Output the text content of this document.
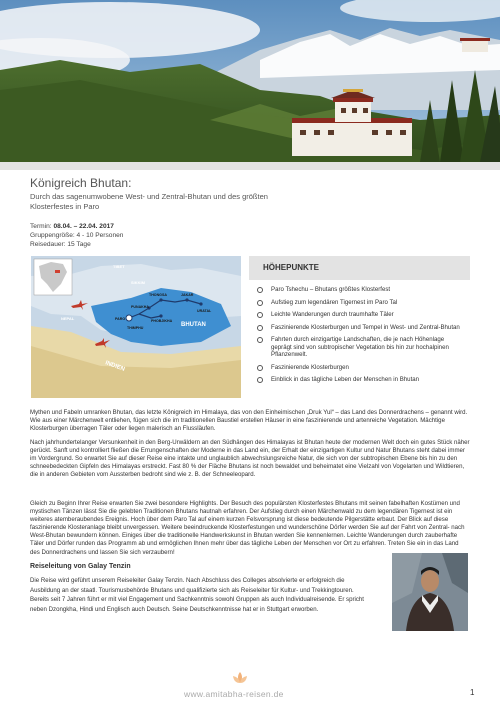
Königreich Bhutan:
Durch das sagenumwobene West- und Zentral-Bhutan und des größten Klosterfestes in Paro
Termin: 08.04. – 22.04. 2017
Gruppengröße: 4 - 10 Personen
Reisedauer: 15 Tage
TIBET
NEPAL
BHUTAN
INDIEN
SIKKIM
THONGSA	JAKAR
URATAL
PUNAKHA
PHOBJIKHA
PARO
THIMPHU
HÖHEPUNKTE
Paro Tshechu – Bhutans größtes Klosterfest
Aufstieg zum legendären Tigernest im Paro Tal
Leichte Wanderungen durch traumhafte Täler
Faszinierende Klosterburgen und Tempel in West- und Zentral-Bhutan
Fahrten durch einzigartige Landschaften, die je nach Höhenlage geprägt sind von subtropischer Vegetation bis hin zur hochalpinen Pflanzenwelt.
Faszinierende Klosterburgen
Einblick in das tägliche Leben der Menschen in Bhutan

Mythen und Fabeln umranken Bhutan, das letzte Königreich im Himalaya, das von den Einheimischen „Druk Yul“ – das Land des Donnerdrachens – genannt wird. Wie aus einer Märchenwelt entliehen, fügen sich die im traditionellen Baustiel erstellen Häuser in eine faszinierende und artenreiche Vegetation. Mächtige Klosterburgen überragen Täler oder liegen malerisch an Flussläufen.

Nach jahrhundertelanger Versunkenheit in den Berg-Urwäldern an den Südhängen des Himalayas ist Bhutan heute der modernen Welt doch ein gutes Stück näher gerückt. Sanft und kontrolliert fließen die Errungenschaften der Moderne in das Land ein, der Erhalt der einzigartigen Kultur und Natur Bhutans steht dabei immer im Vordergrund. So erwartet Sie auf dieser Reise eine intakte und unglaublich abwechslungsreiche Natur, die sich von der subtropischen Ebene bis hin zu den schneebedeckten Gipfeln des Himalayas erstreckt. Fast 80 % der Fläche Bhutans ist noch bewaldet und beheimatet eine Vielzahl von Vogelarten und Wildtieren, die in anderen Gebieten vom Aussterben bedroht sind wie z. B. der Schneeleopard.

Gleich zu Beginn Ihrer Reise erwarten Sie zwei besondere Highlights. Der Besuch des populärsten Klosterfestes Bhutans mit seinen fabelhaften Kostümen und mystischen Tänzen lässt Sie die gelebten Traditionen Bhutans hautnah erfahren. Der Aufstieg durch einen Märchenwald zu dem legendären Tigernest ist ein weiteres atemberaubendes Ereignis. Hoch über dem Paro Tal auf einem kurzen Felsvorsprung ist diese bedeutende Pilgerstätte erbaut. Der Blick auf diese faszinierende Klosteranlage bleibt unvergessen. Weitere beeindruckende Klosterfestungen und wunderschöne Dörfer werden Sie auf der Fahrt von Zentral- nach West-Bhutan bewundern können. Einiges über die traditionelle Handwerkskunst in Bhutan werden Sie kennenlernen. Leichte Wanderungen durch zauberhafte Täler und Dörfer runden das Programm ab und ermöglichen Ihnen mehr über das tägliche Leben der Menschen vor Ort zu erfahren. Treten Sie ein in das Land des Donnerdrachens und lassen Sie sich verzaubern!

Reiseleitung von Galay Tenzin

Die Reise wird geführt unserem Reiseleiter Galay Tenzin. Nach Abschluss des Colleges absolvierte er erfolgreich die Ausbildung an der staatl. Tourismusbehörde Bhutans und qualifizierte sich als Reiseleiter für Kultur- und Trekkingtouren. Bereits seit 7 Jahren führt er mit viel Engagement und Sachkenntnis sowohl Gruppen als auch Individualreisende. Er spricht neben Dzongkha, Hindi und Englisch auch Deutsch. Seine Deutschkenntnisse hat er in Stuttgart erworben.

www.amitabha-reisen.de	1
